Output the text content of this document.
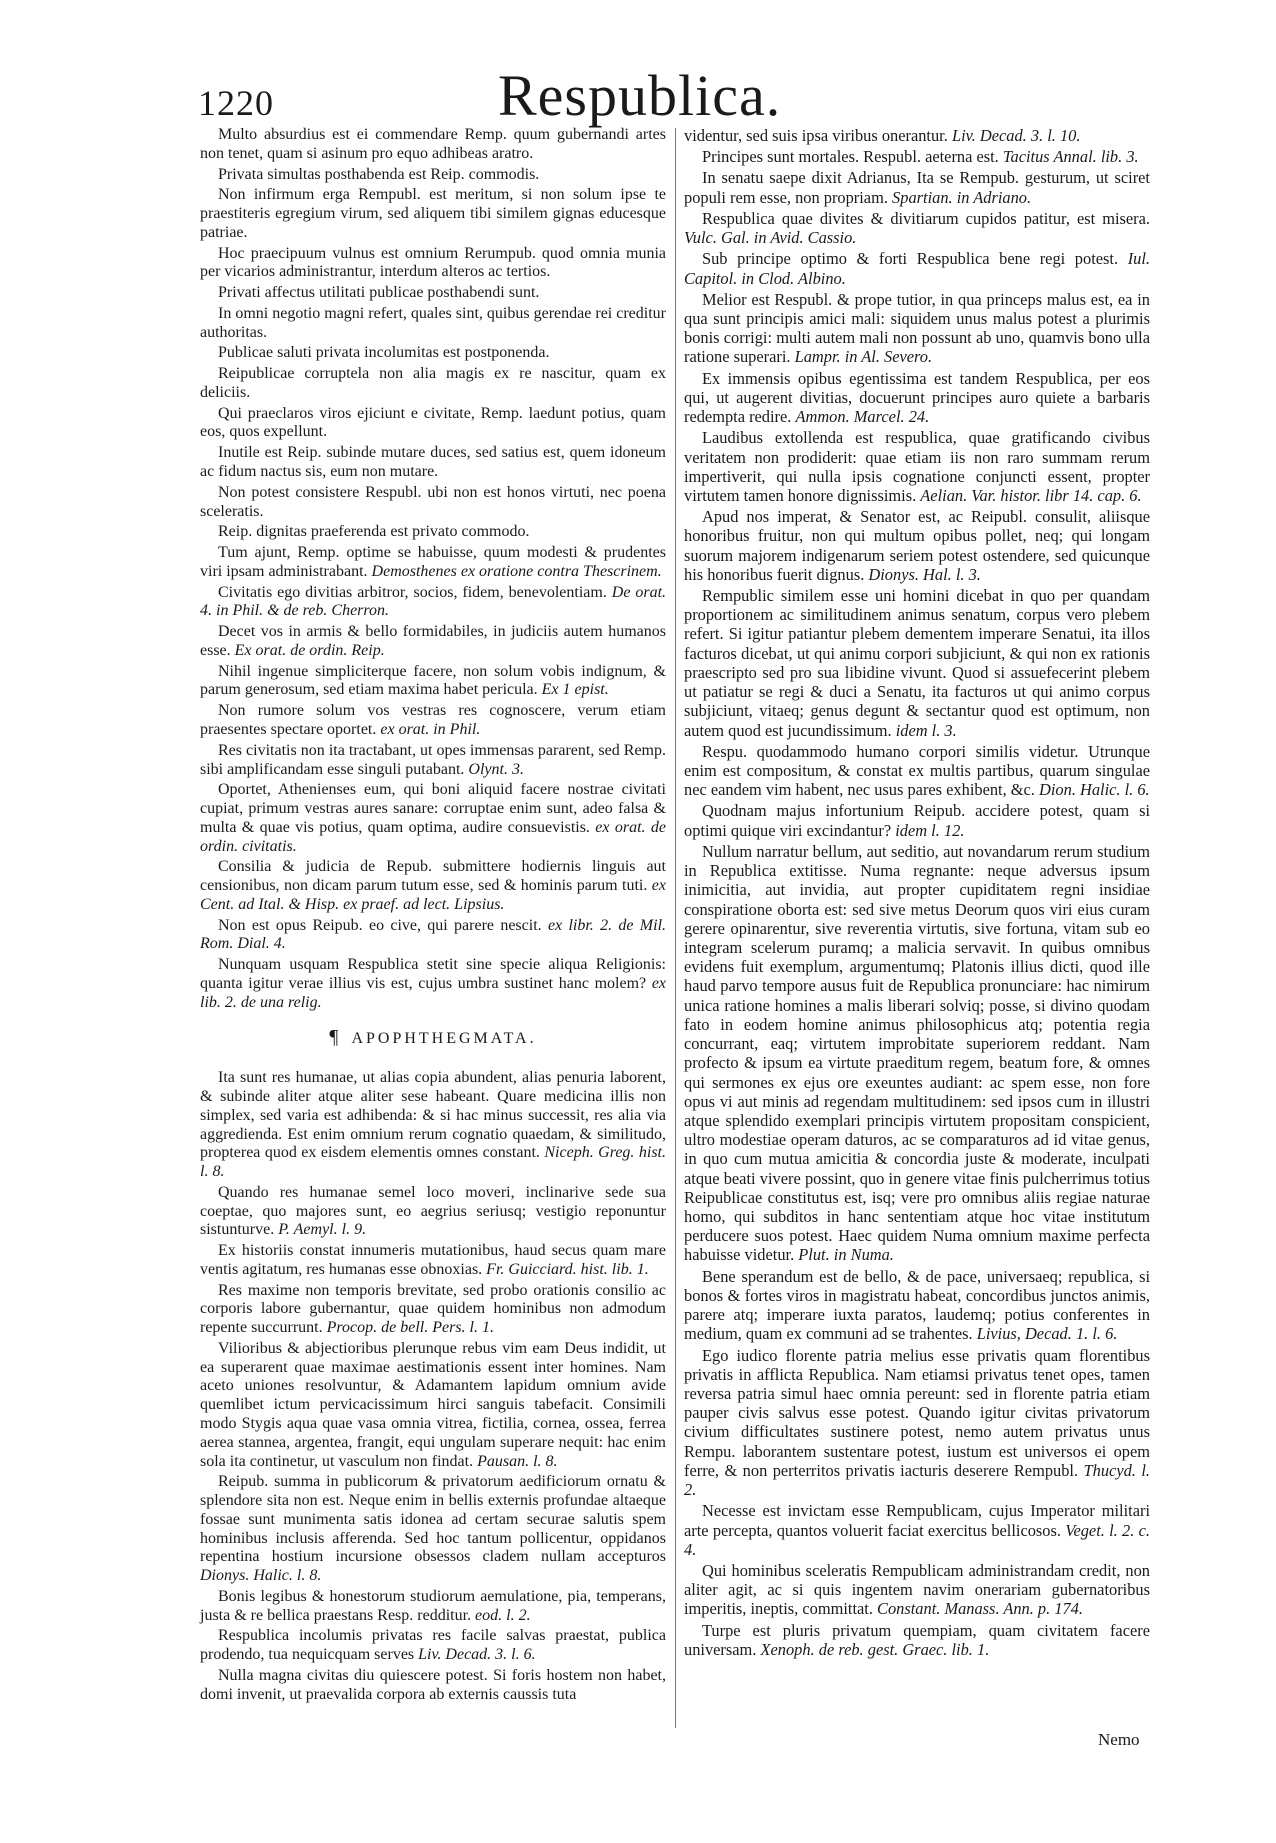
1220	Respublica.

Multo absurdius est ei commendare Remp. quum gubernandi artes non tenet, quam si asinum pro equo adhibeas aratro.

Privata simultas posthabenda est Reip. commodis.

Non infirmum erga Rempubl. est meritum, si non solum ipse te praestiteris egregium virum, sed aliquem tibi similem gignas educesque patriae.

Hoc praecipuum vulnus est omnium Rerumpub. quod omnia munia per vicarios administrantur, interdum alteros ac tertios.

Privati affectus utilitati publicae posthabendi sunt.

In omni negotio magni refert, quales sint, quibus gerendae rei creditur authoritas.

Publicae saluti privata incolumitas est postponenda.

Reipublicae corruptela non alia magis ex re nascitur, quam ex deliciis.

Qui praeclaros viros ejiciunt e civitate, Remp. laedunt potius, quam eos, quos expellunt.

Inutile est Reip. subinde mutare duces, sed satius est, quem idoneum ac fidum nactus sis, eum non mutare.

Non potest consistere Respubl. ubi non est honos virtuti, nec poena sceleratis.

Reip. dignitas praeferenda est privato commodo.

Tum ajunt, Remp. optime se habuisse, quum modesti & prudentes viri ipsam administrabant. Demosthenes ex oratione contra Thescrinem.

Civitatis ego divitias arbitror, socios, fidem, benevolentiam. De orat. 4. in Phil. & de reb. Cherron.

Decet vos in armis & bello formidabiles, in judiciis autem humanos esse. Ex orat. de ordin. Reip.

Nihil ingenue simpliciterque facere, non solum vobis indignum, & parum generosum, sed etiam maxima habet pericula. Ex 1 epist.

Non rumore solum vos vestras res cognoscere, verum etiam praesentes spectare oportet. ex orat. in Phil.

Res civitatis non ita tractabant, ut opes immensas pararent, sed Remp. sibi amplificandam esse singuli putabant. Olynt. 3.

Oportet, Athenienses eum, qui boni aliquid facere nostrae civitati cupiat, primum vestras aures sanare: corruptae enim sunt, adeo falsa & multa & quae vis potius, quam optima, audire consuevistis. ex orat. de ordin. civitatis.

Consilia & judicia de Repub. submittere hodiernis linguis aut censionibus, non dicam parum tutum esse, sed & hominis parum tuti. ex Cent. ad Ital. & Hisp. ex praef. ad lect. Lipsius.

Non est opus Reipub. eo cive, qui parere nescit. ex libr. 2. de Mil. Rom. Dial. 4.

Nunquam usquam Respublica stetit sine specie aliqua Religionis: quanta igitur verae illius vis est, cujus umbra sustinet hanc molem? ex lib. 2. de una relig.

¶ APOPHTHEGMATA.

Ita sunt res humanae, ut alias copia abundent, alias penuria laborent, & subinde aliter atque aliter sese habeant. Quare medicina illis non simplex, sed varia est adhibenda: & si hac minus successit, res alia via aggredienda. Est enim omnium rerum cognatio quaedam, & similitudo, propterea quod ex eisdem elementis omnes constant. Niceph. Greg. hist. l. 8.

Quando res humanae semel loco moveri, inclinarive sede sua coeptae, quo majores sunt, eo aegrius seriusq; vestigio reponuntur sistunturve. P. Aemyl. l. 9.

Ex historiis constat innumeris mutationibus, haud secus quam mare ventis agitatum, res humanas esse obnoxias. Fr. Guicciard. hist. lib. 1.

Res maxime non temporis brevitate, sed probo orationis consilio ac corporis labore gubernantur, quae quidem hominibus non admodum repente succurrunt. Procop. de bell. Pers. l. 1.

Vilioribus & abjectioribus plerunque rebus vim eam Deus indidit, ut ea superarent quae maximae aestimationis essent inter homines. Nam aceto uniones resolvuntur, & Adamantem lapidum omnium avide quemlibet ictum pervicacissimum hirci sanguis tabefacit. Consimili modo Stygis aqua quae vasa omnia vitrea, fictilia, cornea, ossea, ferrea aerea stannea, argentea, frangit, equi ungulam superare nequit: hac enim sola ita continetur, ut vasculum non findat. Pausan. l. 8.

Reipub. summa in publicorum & privatorum aedificiorum ornatu & splendore sita non est. Neque enim in bellis externis profundae altaeque fossae sunt munimenta satis idonea ad certam securae salutis spem hominibus inclusis afferenda. Sed hoc tantum pollicentur, oppidanos repentina hostium incursione obsessos cladem nullam accepturos Dionys. Halic. l. 8.

Bonis legibus & honestorum studiorum aemulatione, pia, temperans, justa & re bellica praestans Resp. redditur. eod. l. 2.

Respublica incolumis privatas res facile salvas praestat, publica prodendo, tua nequicquam serves Liv. Decad. 3. l. 6.

Nulla magna civitas diu quiescere potest. Si foris hostem non habet, domi invenit, ut praevalida corpora ab externis caussis tuta

videntur, sed suis ipsa viribus onerantur. Liv. Decad. 3. l. 10.

Principes sunt mortales. Respubl. aeterna est. Tacitus Annal. lib. 3.

In senatu saepe dixit Adrianus, Ita se Rempub. gesturum, ut sciret populi rem esse, non propriam. Spartian. in Adriano.

Respublica quae divites & divitiarum cupidos patitur, est misera. Vulc. Gal. in Avid. Cassio.

Sub principe optimo & forti Respublica bene regi potest. Iul. Capitol. in Clod. Albino.

Melior est Respubl. & prope tutior, in qua princeps malus est, ea in qua sunt principis amici mali: siquidem unus malus potest a plurimis bonis corrigi: multi autem mali non possunt ab uno, quamvis bono ulla ratione superari. Lampr. in Al. Severo.

Ex immensis opibus egentissima est tandem Respublica, per eos qui, ut augerent divitias, docuerunt principes auro quiete a barbaris redempta redire. Ammon. Marcel. 24.

Laudibus extollenda est respublica, quae gratificando civibus veritatem non prodiderit: quae etiam iis non raro summam rerum impertiverit, qui nulla ipsis cognatione conjuncti essent, propter virtutem tamen honore dignissimis. Aelian. Var. histor. libr 14. cap. 6.

Apud nos imperat, & Senator est, ac Reipubl. consulit, aliisque honoribus fruitur, non qui multum opibus pollet, neq; qui longam suorum majorem indigenarum seriem potest ostendere, sed quicunque his honoribus fuerit dignus. Dionys. Hal. l. 3.

Rempublic similem esse uni homini dicebat in quo per quandam proportionem ac similitudinem animus senatum, corpus vero plebem refert. Si igitur patiantur plebem dementem imperare Senatui, ita illos facturos dicebat, ut qui animu corpori subjiciunt, & qui non ex rationis praescripto sed pro sua libidine vivunt. Quod si assuefecerint plebem ut patiatur se regi & duci a Senatu, ita facturos ut qui animo corpus subjiciunt, vitaeq; genus degunt & sectantur quod est optimum, non autem quod est jucundissimum. idem l. 3.

Respu. quodammodo humano corpori similis videtur. Utrunque enim est compositum, & constat ex multis partibus, quarum singulae nec eandem vim habent, nec usus pares exhibent, &c. Dion. Halic. l. 6.

Quodnam majus infortunium Reipub. accidere potest, quam si optimi quique viri excindantur? idem l. 12.

Nullum narratur bellum, aut seditio, aut novandarum rerum studium in Republica extitisse. Numa regnante: neque adversus ipsum inimicitia, aut invidia, aut propter cupiditatem regni insidiae conspiratione oborta est: sed sive metus Deorum quos viri eius curam gerere opinarentur, sive reverentia virtutis, sive fortuna, vitam sub eo integram scelerum puramq; a malicia servavit. In quibus omnibus evidens fuit exemplum, argumentumq; Platonis illius dicti, quod ille haud parvo tempore ausus fuit de Republica pronunciare: hac nimirum unica ratione homines a malis liberari solviq; posse, si divino quodam fato in eodem homine animus philosophicus atq; potentia regia concurrant, eaq; virtutem improbitate superiorem reddant. Nam profecto & ipsum ea virtute praeditum regem, beatum fore, & omnes qui sermones ex ejus ore exeuntes audiant: ac spem esse, non fore opus vi aut minis ad regendam multitudinem: sed ipsos cum in illustri atque splendido exemplari principis virtutem propositam conspicient, ultro modestiae operam daturos, ac se comparaturos ad id vitae genus, in quo cum mutua amicitia & concordia juste & moderate, inculpati atque beati vivere possint, quo in genere vitae finis pulcherrimus totius Reipublicae constitutus est, isq; vere pro omnibus aliis regiae naturae homo, qui subditos in hanc sententiam atque hoc vitae institutum perducere suos potest. Haec quidem Numa omnium maxime perfecta habuisse videtur. Plut. in Numa.

Bene sperandum est de bello, & de pace, universaeq; republica, si bonos & fortes viros in magistratu habeat, concordibus junctos animis, parere atq; imperare iuxta paratos, laudemq; potius conferentes in medium, quam ex communi ad se trahentes. Livius, Decad. 1. l. 6.

Ego iudico florente patria melius esse privatis quam florentibus privatis in afflicta Republica. Nam etiamsi privatus tenet opes, tamen reversa patria simul haec omnia pereunt: sed in florente patria etiam pauper civis salvus esse potest. Quando igitur civitas privatorum civium difficultates sustinere potest, nemo autem privatus unus Rempu. laborantem sustentare potest, iustum est universos ei opem ferre, & non perterritos privatis iacturis deserere Rempubl. Thucyd. l. 2.

Necesse est invictam esse Rempublicam, cujus Imperator militari arte percepta, quantos voluerit faciat exercitus bellicosos. Veget. l. 2. c. 4.

Qui hominibus sceleratis Rempublicam administrandam credit, non aliter agit, ac si quis ingentem navim onerariam gubernatoribus imperitis, ineptis, committat. Constant. Manass. Ann. p. 174.

Turpe est pluris privatum quempiam, quam civitatem facere universam. Xenoph. de reb. gest. Graec. lib. 1.

Nemo
